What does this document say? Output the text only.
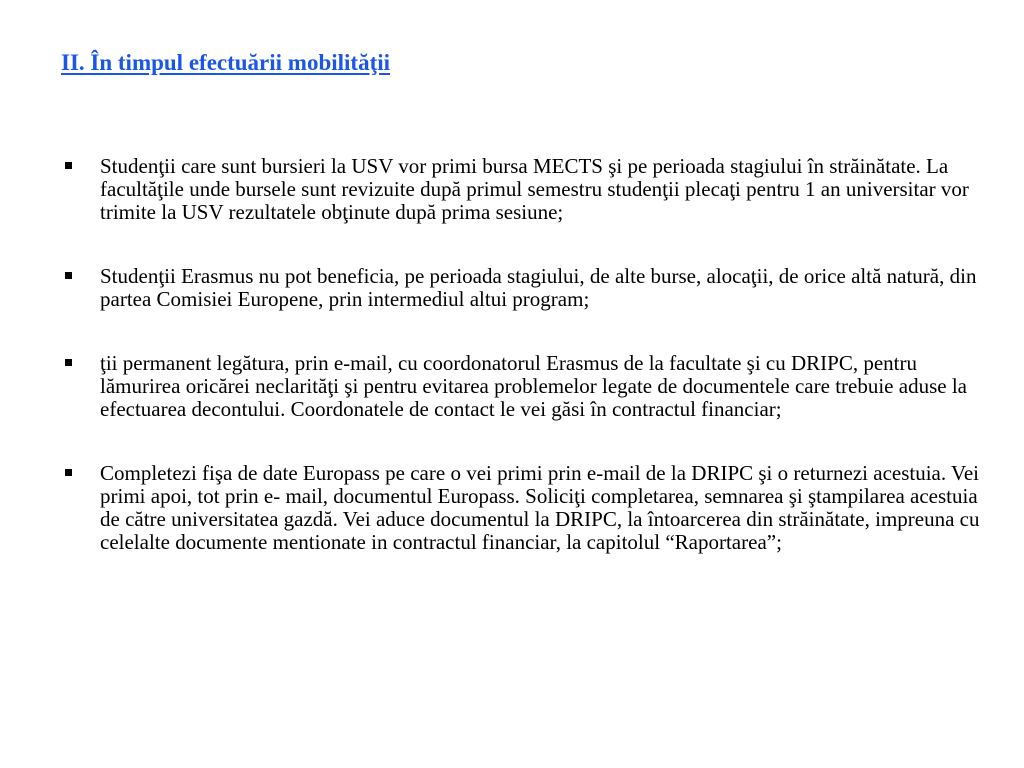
II. În timpul efectuării mobilităţii
Studenţii care sunt bursieri la USV vor primi bursa MECTS şi pe perioada stagiului în străinătate. La facultăţile unde bursele sunt revizuite după primul semestru studenţii plecaţi pentru 1 an universitar vor trimite la USV rezultatele obţinute după prima sesiune;
Studenţii Erasmus nu pot beneficia, pe perioada stagiului, de alte burse, alocaţii, de orice altă natură, din partea Comisiei Europene, prin intermediul altui program;
ţii permanent legătura, prin e-mail, cu coordonatorul Erasmus de la facultate şi cu DRIPC, pentru lămurirea oricărei neclarităţi şi pentru evitarea problemelor legate de documentele care trebuie aduse la efectuarea decontului. Coordonatele de contact le vei găsi în contractul financiar;
Completezi fişa de date Europass pe care o vei primi prin e-mail de la DRIPC şi o returnezi acestuia. Vei primi apoi, tot prin e- mail, documentul Europass. Soliciţi completarea, semnarea şi ştampilarea acestuia de către universitatea gazdă. Vei aduce documentul la DRIPC, la întoarcerea din străinătate, impreuna cu celelalte documente mentionate in contractul financiar, la capitolul “Raportarea”;
